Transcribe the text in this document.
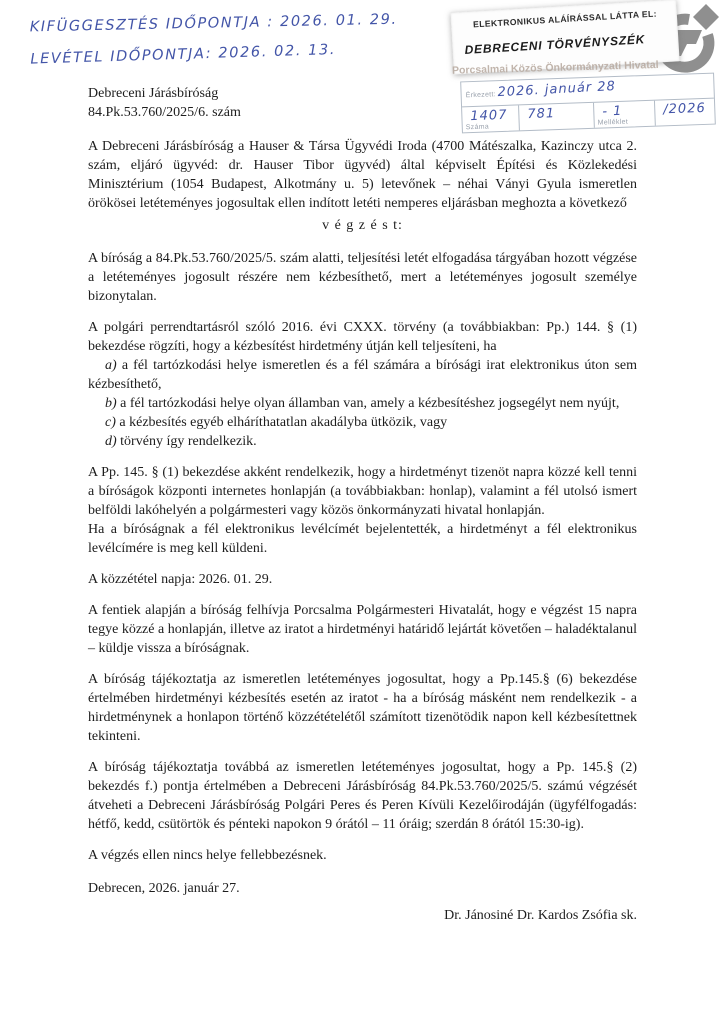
KIFÜGGESZTÉS IDŐPONTJA : 2026. 01. 29.
LEVÉTEL IDŐPONTJA: 2026. 02. 13.
ELEKTRONIKUS ALÁÍRÁSSAL LÁTTA EL:
DEBRECENI TÖRVÉNYSZÉK
Porcsalmai Közös Önkormányzati Hivatal
Érkezett: 2026. január 28
1407
Száma
781	- 1
Melléklet
/2026
Debreceni Járásbíróság
84.Pk.53.760/2025/6. szám

A Debreceni Járásbíróság a Hauser & Társa Ügyvédi Iroda (4700 Mátészalka, Kazinczy utca 2. szám, eljáró ügyvéd: dr. Hauser Tibor ügyvéd) által képviselt Építési és Közlekedési Minisztérium (1054 Budapest, Alkotmány u. 5) letevőnek – néhai Ványi Gyula ismeretlen örökösei letéteményes jogosultak ellen indított letéti nemperes eljárásban meghozta a következő

v é g z é s t:

A bíróság a 84.Pk.53.760/2025/5. szám alatti, teljesítési letét elfogadása tárgyában hozott végzése a letéteményes jogosult részére nem kézbesíthető, mert a letéteményes jogosult személye bizonytalan.

A polgári perrendtartásról szóló 2016. évi CXXX. törvény (a továbbiakban: Pp.) 144. § (1) bekezdése rögzíti, hogy a kézbesítést hirdetmény útján kell teljesíteni, ha

a) a fél tartózkodási helye ismeretlen és a fél számára a bírósági irat elektronikus úton sem kézbesíthető,

b) a fél tartózkodási helye olyan államban van, amely a kézbesítéshez jogsegélyt nem nyújt,

c) a kézbesítés egyéb elháríthatatlan akadályba ütközik, vagy

d) törvény így rendelkezik.

A Pp. 145. § (1) bekezdése akként rendelkezik, hogy a hirdetményt tizenöt napra közzé kell tenni a bíróságok központi internetes honlapján (a továbbiakban: honlap), valamint a fél utolsó ismert belföldi lakóhelyén a polgármesteri vagy közös önkormányzati hivatal honlapján.

Ha a bíróságnak a fél elektronikus levélcímét bejelentették, a hirdetményt a fél elektronikus levélcímére is meg kell küldeni.

A közzététel napja: 2026. 01. 29.

A fentiek alapján a bíróság felhívja Porcsalma Polgármesteri Hivatalát, hogy e végzést 15 napra tegye közzé a honlapján, illetve az iratot a hirdetményi határidő lejártát követően – haladéktalanul – küldje vissza a bíróságnak.

A bíróság tájékoztatja az ismeretlen letéteményes jogosultat, hogy a Pp.145.§ (6) bekezdése értelmében hirdetményi kézbesítés esetén az iratot - ha a bíróság másként nem rendelkezik - a hirdetménynek a honlapon történő közzétételétől számított tizenötödik napon kell kézbesítettnek tekinteni.

A bíróság tájékoztatja továbbá az ismeretlen letéteményes jogosultat, hogy a Pp. 145.§ (2) bekezdés f.) pontja értelmében a Debreceni Járásbíróság 84.Pk.53.760/2025/5. számú végzését átveheti a Debreceni Járásbíróság Polgári Peres és Peren Kívüli Kezelőirodáján (ügyfélfogadás: hétfő, kedd, csütörtök és pénteki napokon 9 órától – 11 óráig; szerdán 8 órától 15:30-ig).

A végzés ellen nincs helye fellebbezésnek.

Debrecen, 2026. január 27.

Dr. Jánosiné Dr. Kardos Zsófia sk.
